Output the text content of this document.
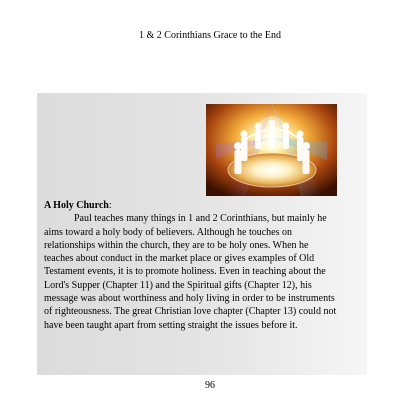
1 & 2 Corinthians Grace to the End
A Holy Church:
Paul teaches many things in 1 and 2 Corinthians, but mainly he
aims toward a holy body of believers. Although he touches on
relationships within the church, they are to be holy ones. When he
teaches about conduct in the market place or gives examples of Old
Testament events, it is to promote holiness. Even in teaching about the
Lord's Supper (Chapter 11) and the Spiritual gifts (Chapter 12), his
message was about worthiness and holy living in order to be instruments
of righteousness. The great Christian love chapter (Chapter 13) could not
have been taught apart from setting straight the issues before it.
96
